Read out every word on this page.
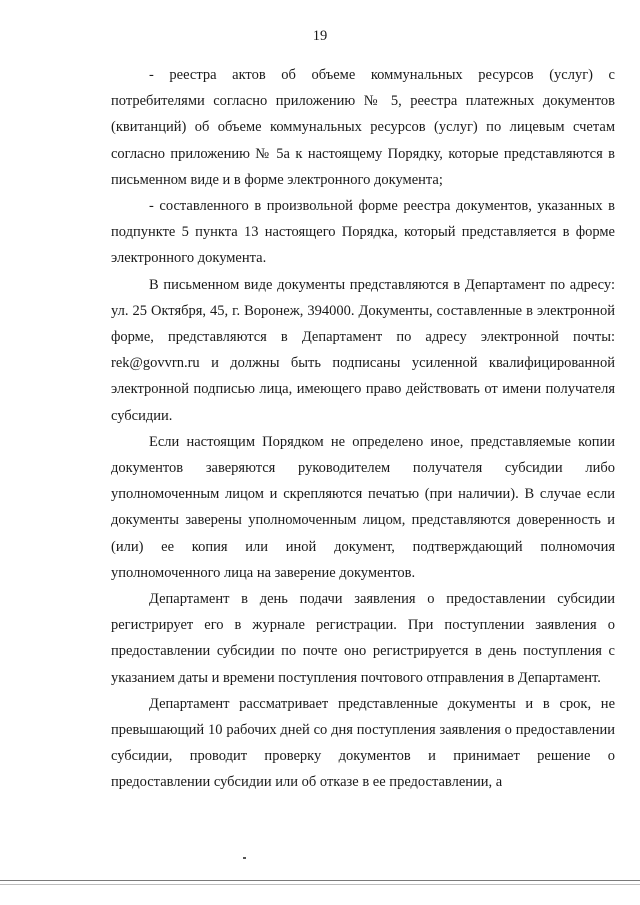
19

- реестра актов об объеме коммунальных ресурсов (услуг) с потребителями согласно приложению № 5, реестра платежных документов (квитанций) об объеме коммунальных ресурсов (услуг) по лицевым счетам согласно приложению № 5а к настоящему Порядку, которые представляются в письменном виде и в форме электронного документа;

- составленного в произвольной форме реестра документов, указанных в подпункте 5 пункта 13 настоящего Порядка, который представляется в форме электронного документа.

В письменном виде документы представляются в Департамент по адресу: ул. 25 Октября, 45, г. Воронеж, 394000. Документы, составленные в электронной форме, представляются в Департамент по адресу электронной почты: rek@govvrn.ru и должны быть подписаны усиленной квалифицированной электронной подписью лица, имеющего право действовать от имени получателя субсидии.

Если настоящим Порядком не определено иное, представляемые копии документов заверяются руководителем получателя субсидии либо уполномоченным лицом и скрепляются печатью (при наличии). В случае если документы заверены уполномоченным лицом, представляются доверенность и (или) ее копия или иной документ, подтверждающий полномочия уполномоченного лица на заверение документов.

Департамент в день подачи заявления о предоставлении субсидии регистрирует его в журнале регистрации. При поступлении заявления о предоставлении субсидии по почте оно регистрируется в день поступления с указанием даты и времени поступления почтового отправления в Департамент.

Департамент рассматривает представленные документы и в срок, не превышающий 10 рабочих дней со дня поступления заявления о предоставлении субсидии, проводит проверку документов и принимает решение о предоставлении субсидии или об отказе в ее предоставлении, а
